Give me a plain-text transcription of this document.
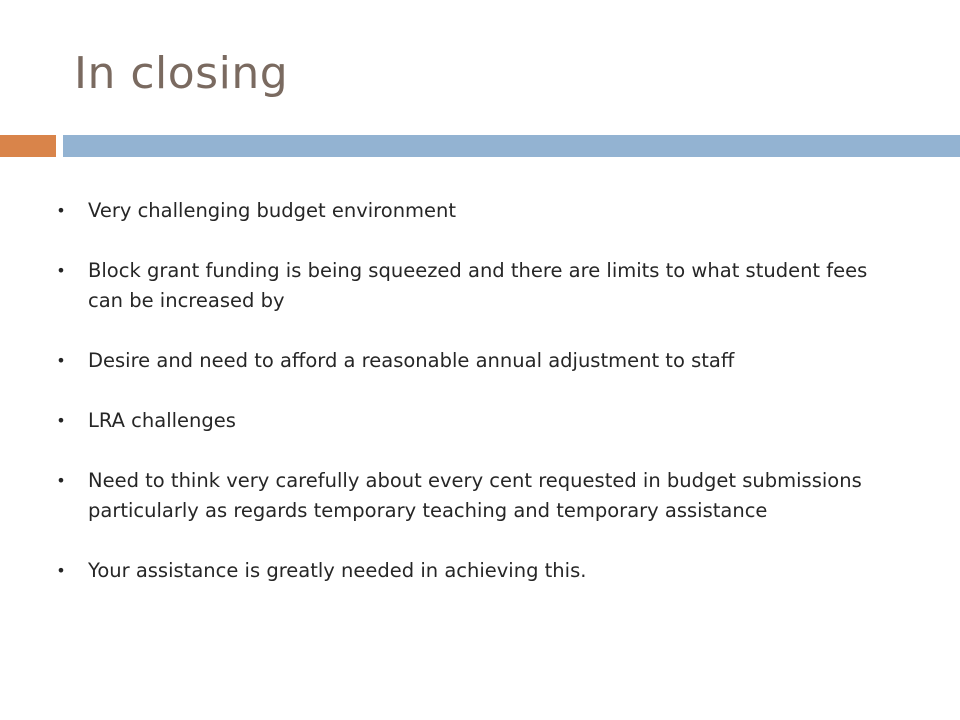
In closing
• Very challenging budget environment
• Block grant funding is being squeezed and there are limits to what student fees can be increased by
• Desire and need to afford a reasonable annual adjustment to staff
• LRA challenges
• Need to think very carefully about every cent requested in budget submissions particularly as regards temporary teaching and temporary assistance
• Your assistance is greatly needed in achieving this.
